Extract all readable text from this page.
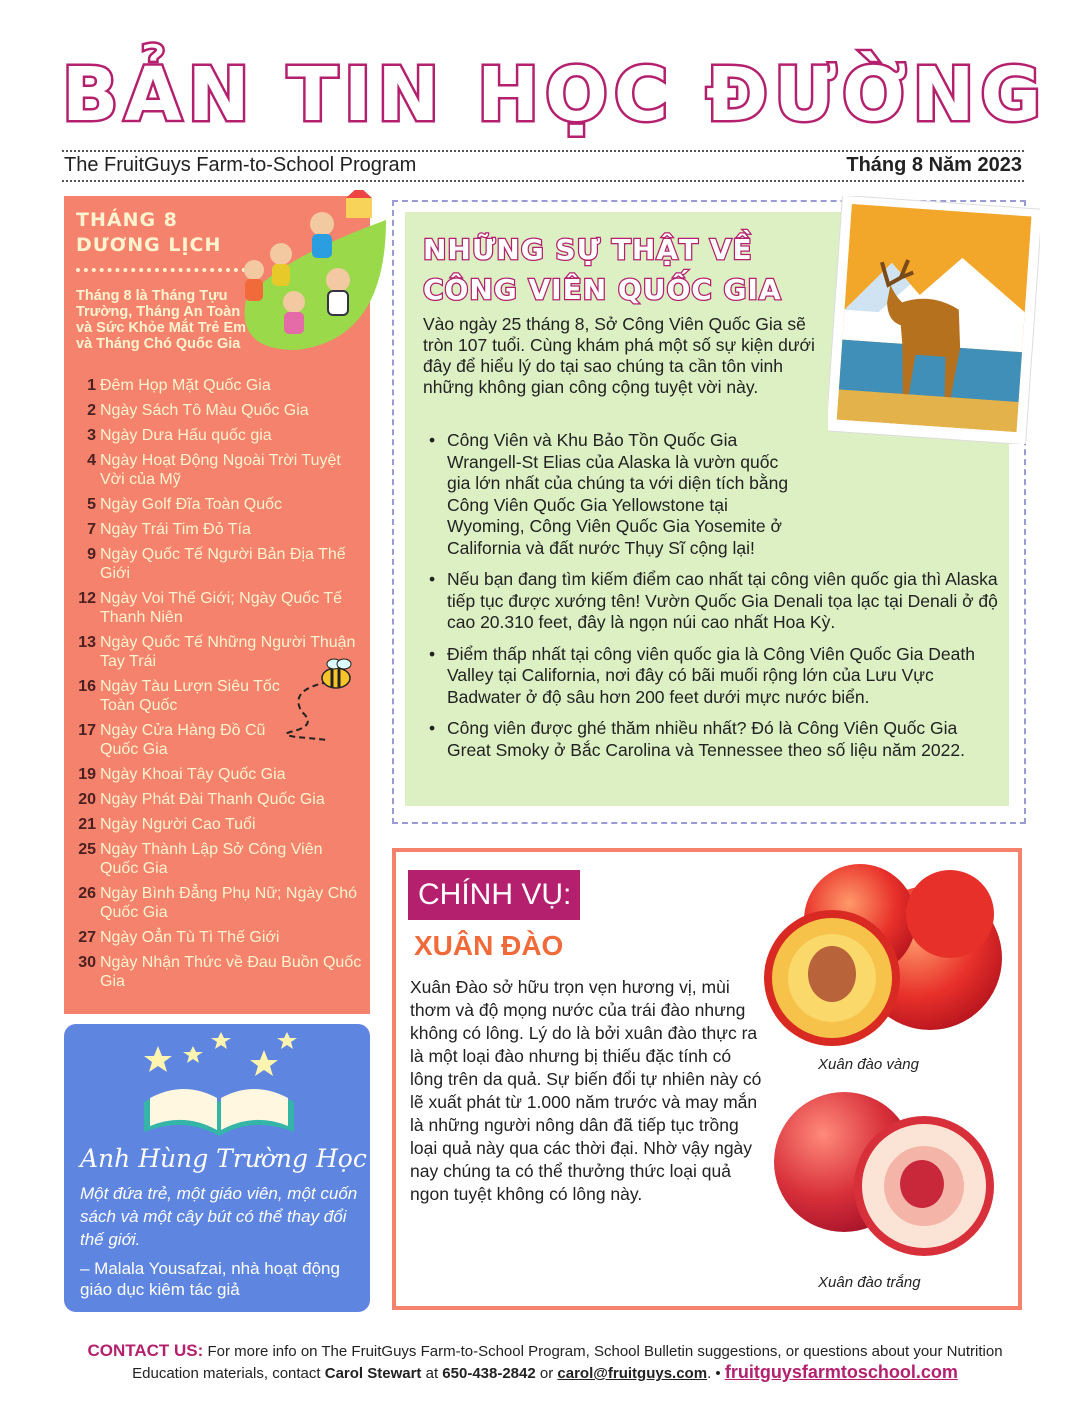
BẢN TIN HỌC ĐƯỜNG
The FruitGuys Farm-to-School Program	Tháng 8 Năm 2023
THÁNG 8
DƯƠNG LỊCH
Tháng 8 là Tháng Tựu Trường, Tháng An Toàn và Sức Khỏe Mắt Trẻ Em và Tháng Chó Quốc Gia
1 Đêm Họp Mặt Quốc Gia
2 Ngày Sách Tô Màu Quốc Gia
3 Ngày Dưa Hấu quốc gia
4 Ngày Hoạt Động Ngoài Trời Tuyệt Vời của Mỹ
5 Ngày Golf Đĩa Toàn Quốc
7 Ngày Trái Tim Đỏ Tía
9 Ngày Quốc Tế Người Bản Địa Thế Giới
12 Ngày Voi Thế Giới; Ngày Quốc Tế Thanh Niên
13 Ngày Quốc Tế Những Người Thuận Tay Trái
16 Ngày Tàu Lượn Siêu Tốc Toàn Quốc
17 Ngày Cửa Hàng Đồ Cũ Quốc Gia
19 Ngày Khoai Tây Quốc Gia
20 Ngày Phát Đài Thanh Quốc Gia
21 Ngày Người Cao Tuổi
25 Ngày Thành Lập Sở Công Viên Quốc Gia
26 Ngày Bình Đẳng Phụ Nữ; Ngày Chó Quốc Gia
27 Ngày Oẳn Tù Tì Thế Giới
30 Ngày Nhận Thức về Đau Buồn Quốc Gia
Anh Hùng Trường Học
Một đứa trẻ, một giáo viên, một cuốn sách và một cây bút có thể thay đổi thế giới.
– Malala Yousafzai, nhà hoạt động giáo dục kiêm tác giả
NHỮNG SỰ THẬT VỀ
CÔNG VIÊN QUỐC GIA
Vào ngày 25 tháng 8, Sở Công Viên Quốc Gia sẽ tròn 107 tuổi. Cùng khám phá một số sự kiện dưới đây để hiểu lý do tại sao chúng ta cần tôn vinh những không gian công cộng tuyệt vời này.
• Công Viên và Khu Bảo Tồn Quốc Gia Wrangell-St Elias của Alaska là vườn quốc gia lớn nhất của chúng ta với diện tích bằng Công Viên Quốc Gia Yellowstone tại Wyoming, Công Viên Quốc Gia Yosemite ở California và đất nước Thụy Sĩ cộng lại!
• Nếu bạn đang tìm kiếm điểm cao nhất tại công viên quốc gia thì Alaska tiếp tục được xướng tên! Vườn Quốc Gia Denali tọa lạc tại Denali ở độ cao 20.310 feet, đây là ngọn núi cao nhất Hoa Kỳ.
• Điểm thấp nhất tại công viên quốc gia là Công Viên Quốc Gia Death Valley tại California, nơi đây có bãi muối rộng lớn của Lưu Vực Badwater ở độ sâu hơn 200 feet dưới mực nước biển.
• Công viên được ghé thăm nhiều nhất? Đó là Công Viên Quốc Gia Great Smoky ở Bắc Carolina và Tennessee theo số liệu năm 2022.
CHÍNH VỤ:
XUÂN ĐÀO
Xuân Đào sở hữu trọn vẹn hương vị, mùi thơm và độ mọng nước của trái đào nhưng không có lông. Lý do là bởi xuân đào thực ra là một loại đào nhưng bị thiếu đặc tính có lông trên da quả. Sự biến đổi tự nhiên này có lẽ xuất phát từ 1.000 năm trước và may mắn là những người nông dân đã tiếp tục trồng loại quả này qua các thời đại. Nhờ vậy ngày nay chúng ta có thể thưởng thức loại quả ngon tuyệt không có lông này.
Xuân đào vàng
Xuân đào trắng
CONTACT US: For more info on The FruitGuys Farm-to-School Program, School Bulletin suggestions, or questions about your Nutrition Education materials, contact Carol Stewart at 650-438-2842 or carol@fruitguys.com. • fruitguysfarmtoschool.com
